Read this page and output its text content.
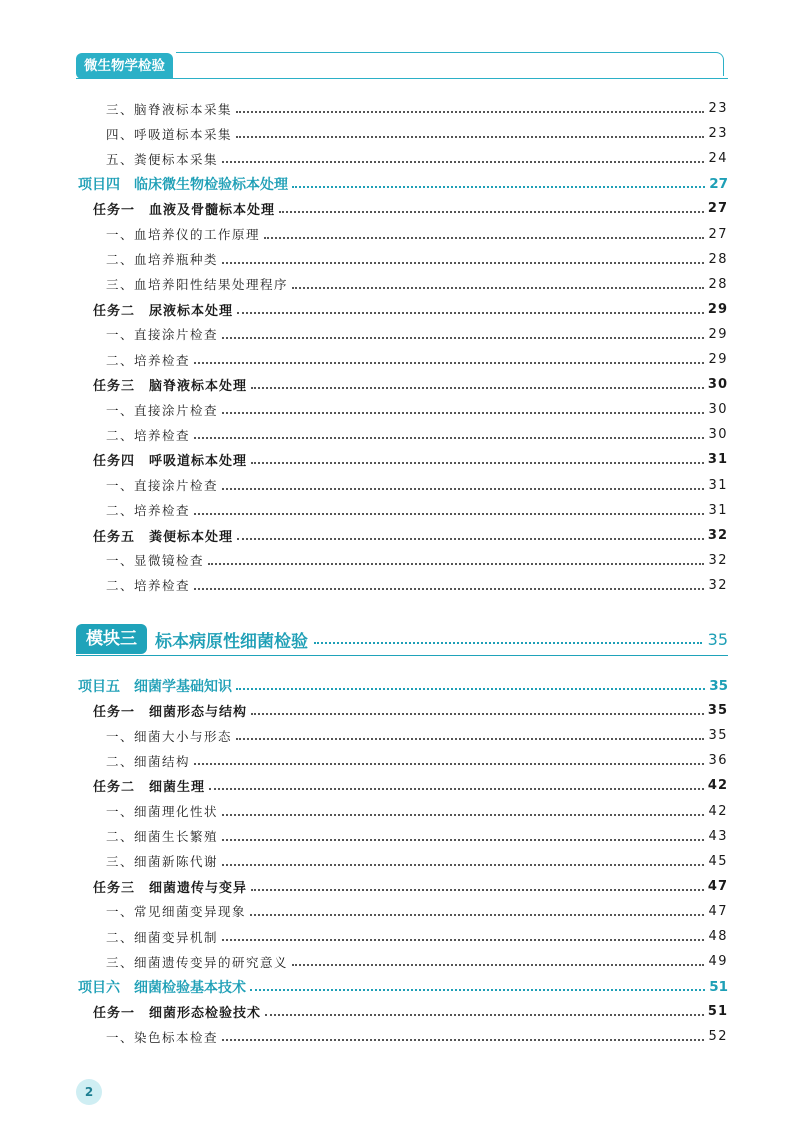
微生物学检验
三、脑脊液标本采集	23
四、呼吸道标本采集	23
五、粪便标本采集	24
项目四　临床微生物检验标本处理	27
任务一　血液及骨髓标本处理	27
一、血培养仪的工作原理	27
二、血培养瓶种类	28
三、血培养阳性结果处理程序	28
任务二　尿液标本处理	29
一、直接涂片检查	29
二、培养检查	29
任务三　脑脊液标本处理	30
一、直接涂片检查	30
二、培养检查	30
任务四　呼吸道标本处理	31
一、直接涂片检查	31
二、培养检查	31
任务五　粪便标本处理	32
一、显微镜检查	32
二、培养检查	32
模块三	标本病原性细菌检验	35
项目五　细菌学基础知识	35
任务一　细菌形态与结构	35
一、细菌大小与形态	35
二、细菌结构	36
任务二　细菌生理	42
一、细菌理化性状	42
二、细菌生长繁殖	43
三、细菌新陈代谢	45
任务三　细菌遗传与变异	47
一、常见细菌变异现象	47
二、细菌变异机制	48
三、细菌遗传变异的研究意义	49
项目六　细菌检验基本技术	51
任务一　细菌形态检验技术	51
一、染色标本检查	52
2
